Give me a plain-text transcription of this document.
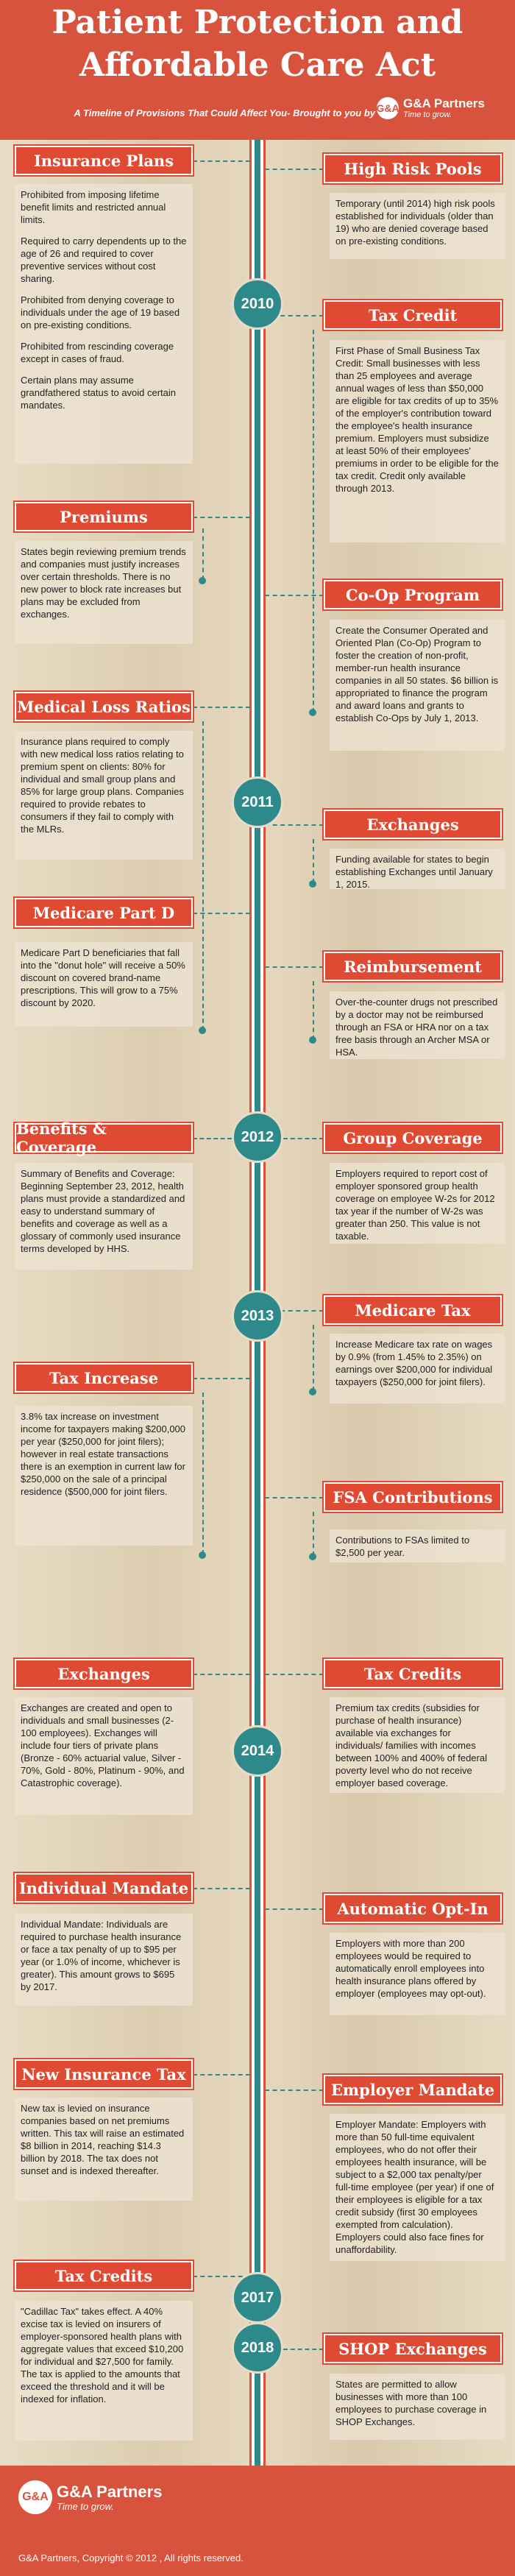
Patient Protection and
Affordable Care Act
A Timeline of Provisions That Could Affect You- Brought to you by G&A G&A Partners
Time to grow.
2010
2011
2012
2013
2014
2017
2018
Insurance Plans

Prohibited from imposing lifetime benefit limits and restricted annual limits.

Required to carry dependents up to the age of 26 and required to cover preventive services without cost sharing.

Prohibited from denying coverage to individuals under the age of 19 based on pre-existing conditions.

Prohibited from rescinding coverage except in cases of fraud.

Certain plans may assume grandfathered status to avoid certain mandates.

Premiums
States begin reviewing premium trends and companies must justify increases over certain thresholds. There is no new power to block rate increases but plans may be excluded from exchanges.
High Risk Pools
Temporary (until 2014) high risk pools established for individuals (older than 19) who are denied coverage based on pre-existing conditions.
Tax Credit
First Phase of Small Business Tax Credit: Small businesses with less than 25 employees and average annual wages of less than $50,000 are eligible for tax credits of up to 35% of the employer's contribution toward the employee's health insurance premium. Employers must subsidize at least 50% of their employees' premiums in order to be eligible for the tax credit. Credit only available through 2013.
Co-Op Program
Create the Consumer Operated and Oriented Plan (Co-Op) Program to foster the creation of non-profit, member-run health insurance companies in all 50 states. $6 billion is appropriated to finance the program and award loans and grants to establish Co-Ops by July 1, 2013.
Medical Loss Ratios
Insurance plans required to comply with new medical loss ratios relating to premium spent on clients: 80% for individual and small group plans and 85% for large group plans. Companies required to provide rebates to consumers if they fail to comply with the MLRs.
Medicare Part D
Medicare Part D beneficiaries that fall into the "donut hole" will receive a 50% discount on covered brand-name prescriptions. This will grow to a 75% discount by 2020.
Exchanges
Funding available for states to begin establishing Exchanges until January 1, 2015.
Reimbursement
Over-the-counter drugs not prescribed by a doctor may not be reimbursed through an FSA or HRA nor on a tax free basis through an Archer MSA or HSA.
Benefits & Coverage
Summary of Benefits and Coverage: Beginning September 23, 2012, health plans must provide a standardized and easy to understand summary of benefits and coverage as well as a glossary of commonly used insurance terms developed by HHS.
Group Coverage
Employers required to report cost of employer sponsored group health coverage on employee W-2s for 2012 tax year if the number of W-2s was greater than 250. This value is not taxable.
Medicare Tax
Increase Medicare tax rate on wages by 0.9% (from 1.45% to 2.35%) on earnings over $200,000 for individual taxpayers ($250,000 for joint filers).
Tax Increase
3.8% tax increase on investment income for taxpayers making $200,000 per year ($250,000 for joint filers); however in real estate transactions there is an exemption in current law for $250,000 on the sale of a principal residence ($500,000 for joint filers.	FSA Contributions
Contributions to FSAs limited to $2,500 per year.
Exchanges
Exchanges are created and open to individuals and small businesses (2-100 employees). Exchanges will include four tiers of private plans (Bronze - 60% actuarial value, Silver - 70%, Gold - 80%, Platinum - 90%, and Catastrophic coverage).
Tax Credits
Premium tax credits (subsidies for purchase of health insurance) available via exchanges for individuals/ families with incomes between 100% and 400% of federal poverty level who do not receive employer based coverage.
Individual Mandate
Individual Mandate: Individuals are required to purchase health insurance or face a tax penalty of up to $95 per year (or 1.0% of income, whichever is greater). This amount grows to $695 by 2017.
Automatic Opt-In
Employers with more than 200 employees would be required to automatically enroll employees into health insurance plans offered by employer (employees may opt-out).
New Insurance Tax
New tax is levied on insurance companies based on net premiums written. This tax will raise an estimated $8 billion in 2014, reaching $14.3 billion by 2018. The tax does not sunset and is indexed thereafter.
Employer Mandate
Employer Mandate: Employers with more than 50 full-time equivalent employees, who do not offer their employees health insurance, will be subject to a $2,000 tax penalty/per full-time employee (per year) if one of their employees is eligible for a tax credit subsidy (first 30 employees exempted from calculation). Employers could also face fines for unaffordability.
Tax Credits
"Cadillac Tax" takes effect. A 40% excise tax is levied on insurers of employer-sponsored health plans with aggregate values that exceed $10,200 for individual and $27,500 for family. The tax is applied to the amounts that exceed the threshold and it will be indexed for inflation.
SHOP Exchanges
States are permitted to allow businesses with more than 100 employees to purchase coverage in SHOP Exchanges.
G&A G&A Partners
Time to grow.
G&A Partners, Copyright © 2012 , All rights reserved.
